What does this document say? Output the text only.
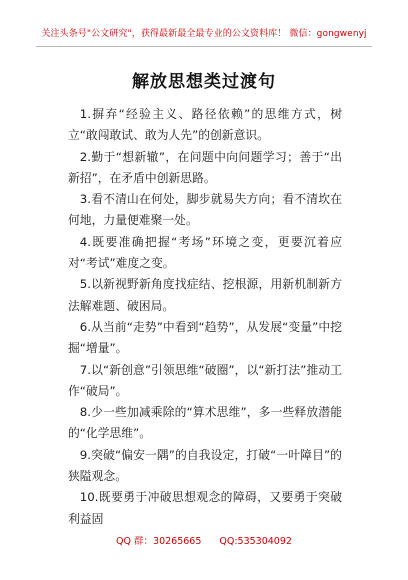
关注头条号"公文研究"，获得最新最全最专业的公文资料库！ 微信：gongwenyj
解放思想类过渡句

1.摒弃“经验主义、路径依赖”的思维方式，树立“敢闯敢试、敢为人先”的创新意识。

2.勤于“想新辙”，在问题中向问题学习；善于“出新招”，在矛盾中创新思路。

3.看不清山在何处，脚步就易失方向；看不清坎在何地，力量便难聚一处。

4.既要准确把握“考场”环境之变，更要沉着应对“考试”难度之变。

5.以新视野新角度找症结、挖根源，用新机制新方法解难题、破困局。

6.从当前“走势”中看到“趋势”，从发展“变量”中挖掘“增量”。

7.以“新创意”引领思维“破圈”，以“新打法”推动工作“破局”。

8.少一些加减乘除的“算术思维”，多一些释放潜能的“化学思维”。

9.突破“偏安一隅”的自我设定，打破“一叶障目”的狭隘观念。

10.既要勇于冲破思想观念的障碍，又要勇于突破利益固

QQ 群：30265665 QQ:535304092
